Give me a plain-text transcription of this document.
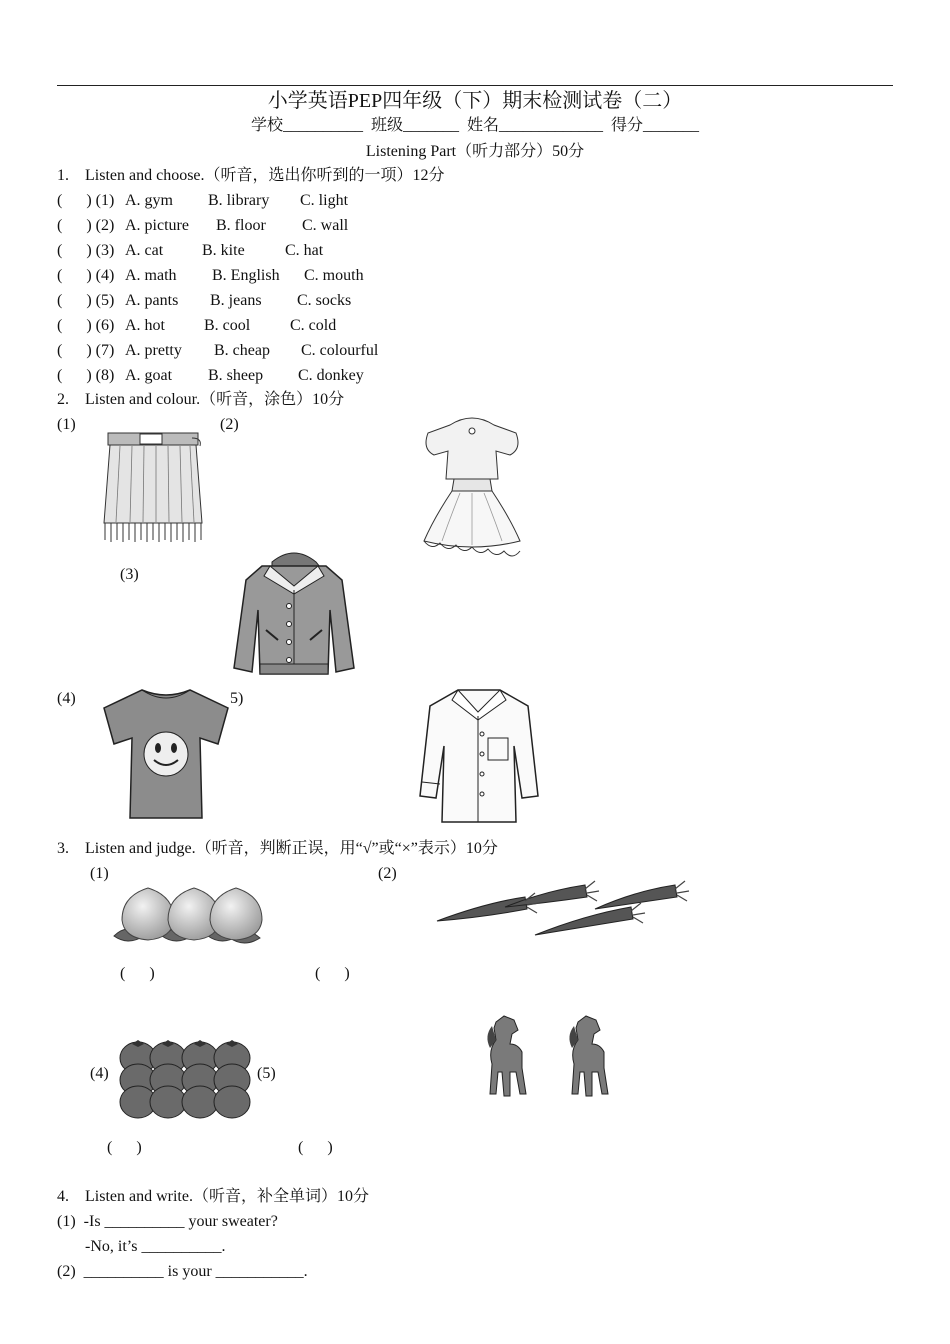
小学英语PEP四年级（下）期末检测试卷（二）
学校__________  班级_______  姓名_____________  得分_______
Listening Part（听力部分）50分
1.    Listen and choose.（听音，选出你听到的一项）12分
(      ) (1) A. gym B. library C. light
(      ) (2) A. picture B. floor C. wall
(      ) (3) A. cat B. kite	C. hat
(      ) (4) A. math B. English C. mouth
(      ) (5) A. pants B. jeans C. socks
(      ) (6) A. hot B. cool C. cold
(      ) (7) A. pretty B. cheap C. colourful
(      ) (8) A. goat B. sheep C. donkey
2.    Listen and colour.（听音，涂色）10分
(1)	(2)
(3)
(4)	5)
3.    Listen and judge.（听音，判断正误，用“√”或“×”表示）10分
(1)	(2)
(      )	(      )
(4)	(5)
(      )	(      )
4.    Listen and write.（听音，补全单词）10分
(1)  -Is __________ your sweater?
-No, it’s __________.
(2)  __________ is your ___________.
